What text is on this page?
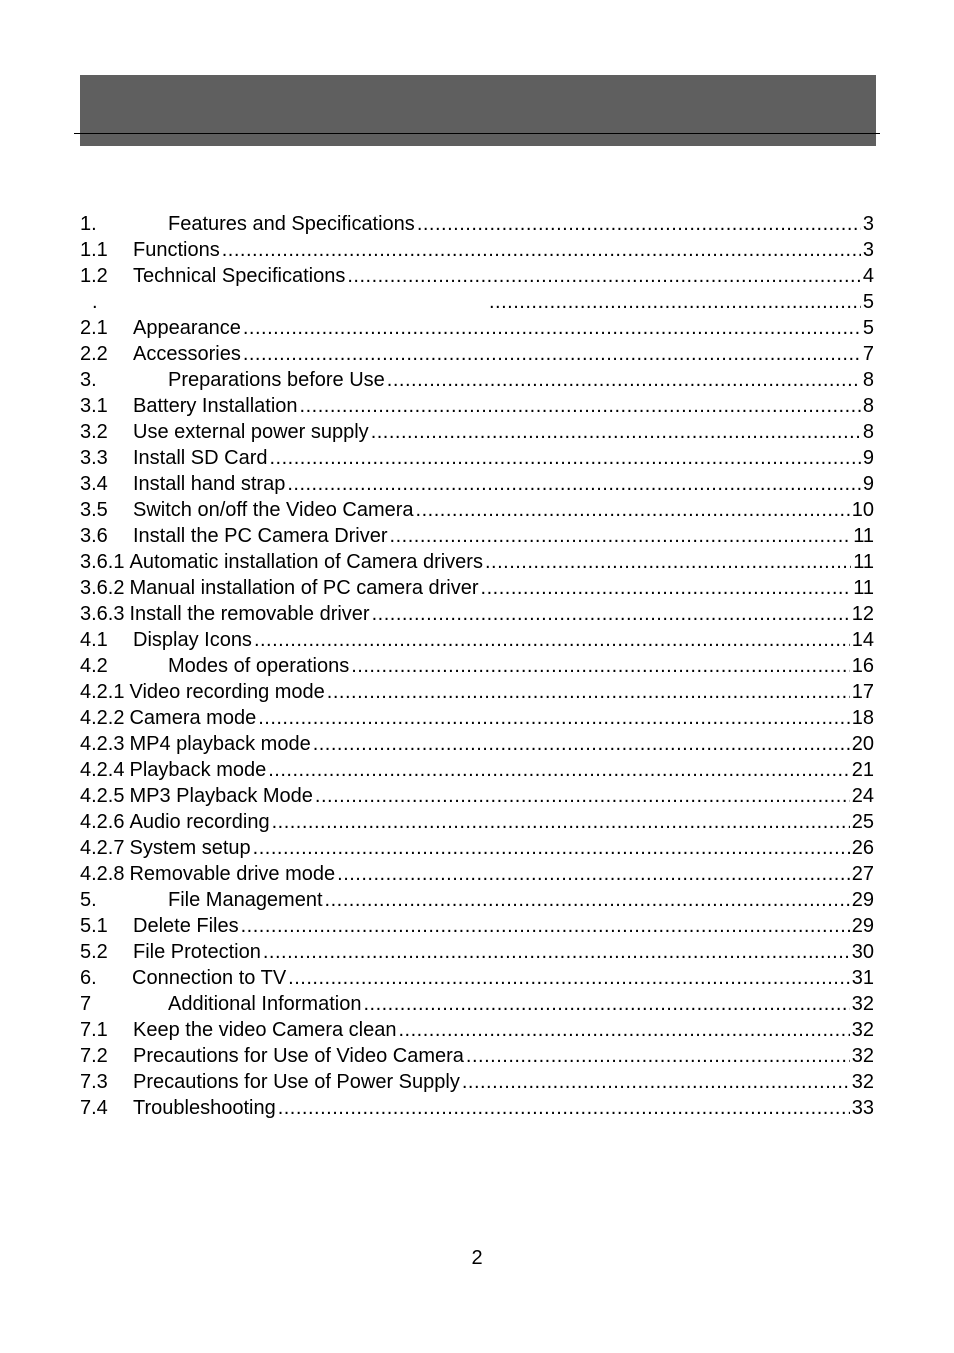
1.	Features and Specifications .....	3
1.1	Functions .....	3
1.2	Technical Specifications .....	4
. .....	5
2.1	Appearance .....	5
2.2	Accessories .....	7
3.	Preparations before Use .....	8
3.1	Battery Installation .....	8
3.2	Use external power supply .....	8
3.3	Install SD Card .....	9
3.4	Install hand strap .....	9
3.5	Switch on/off the Video Camera .....	10
3.6	Install the PC Camera Driver .....	11
3.6.1 Automatic installation of Camera drivers .....	11
3.6.2 Manual installation of PC camera driver .....	11
3.6.3 Install the removable driver .....	12
4.1	Display Icons .....	14
4.2	Modes of operations .....	16
4.2.1 Video recording mode .....	17
4.2.2 Camera mode .....	18
4.2.3 MP4 playback mode .....	20
4.2.4 Playback mode .....	21
4.2.5 MP3 Playback Mode .....	24
4.2.6 Audio recording .....	25
4.2.7 System setup .....	26
4.2.8 Removable drive mode .....	27
5.	File Management .....	29
5.1	Delete Files .....	29
5.2	File Protection .....	30
6.	Connection to TV .....	31
7	Additional Information .....	32
7.1	Keep the video Camera clean .....	32
7.2	Precautions for Use of Video Camera .....	32
7.3	Precautions for Use of Power Supply .....	32
7.4	Troubleshooting .....	33
2
